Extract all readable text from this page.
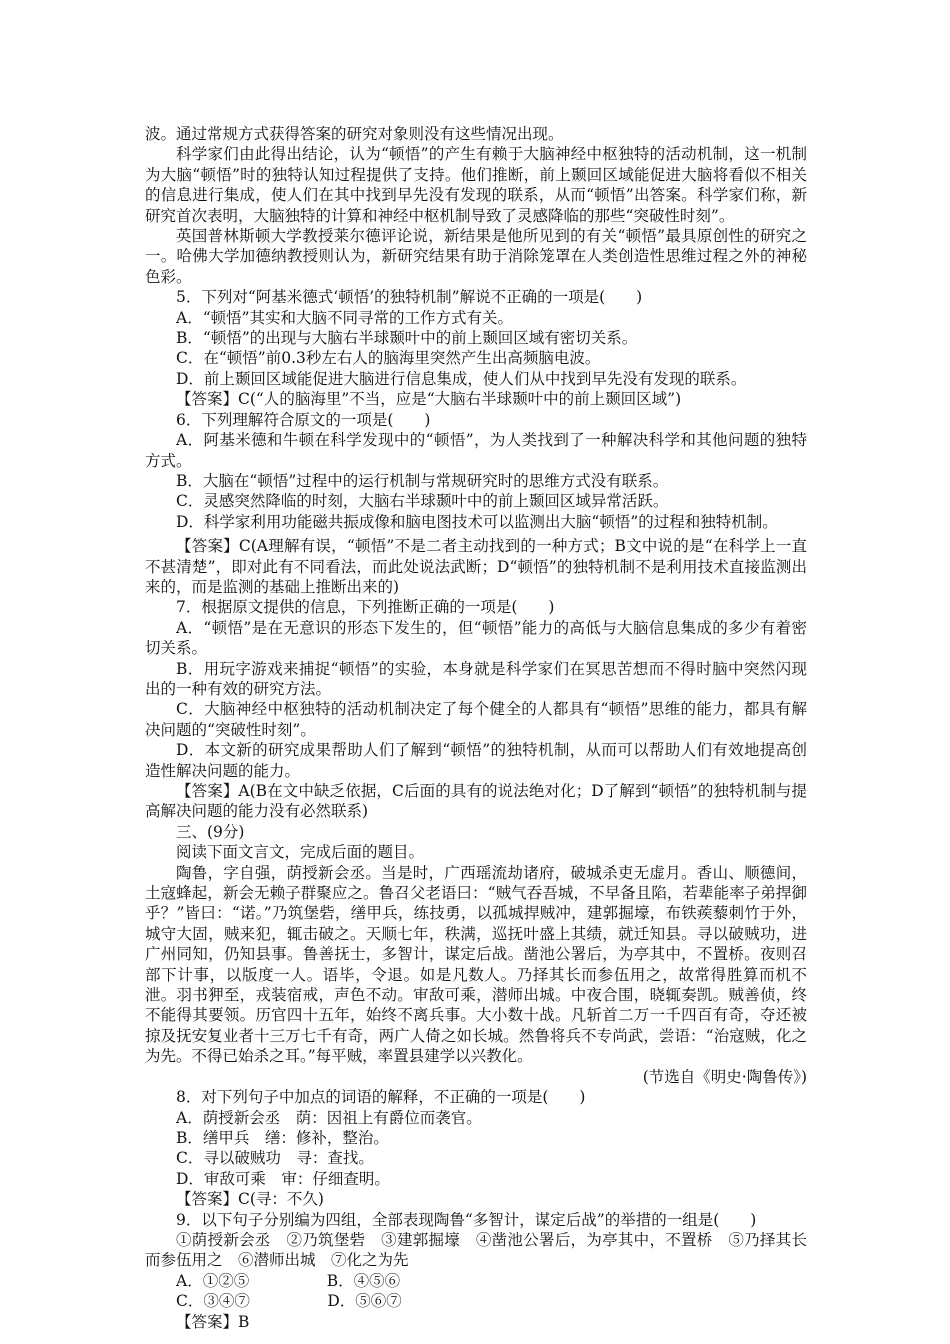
波。通过常规方式获得答案的研究对象则没有这些情况出现。

科学家们由此得出结论，认为“顿悟”的产生有赖于大脑神经中枢独特的活动机制，这一机制为大脑“顿悟”时的独特认知过程提供了支持。他们推断，前上颞回区域能促进大脑将看似不相关的信息进行集成，使人们在其中找到早先没有发现的联系，从而“顿悟”出答案。科学家们称，新研究首次表明，大脑独特的计算和神经中枢机制导致了灵感降临的那些“突破性时刻”。

英国普林斯顿大学教授莱尔德评论说，新结果是他所见到的有关“顿悟”最具原创性的研究之一。哈佛大学加德纳教授则认为，新研究结果有助于消除笼罩在人类创造性思维过程之外的神秘色彩。

5．下列对“阿基米德式‘顿悟’的独特机制”解说不正确的一项是(　　)

A．“顿悟”其实和大脑不同寻常的工作方式有关。

B．“顿悟”的出现与大脑右半球颞叶中的前上颞回区域有密切关系。

C．在“顿悟”前0.3秒左右人的脑海里突然产生出高频脑电波。

D．前上颞回区域能促进大脑进行信息集成，使人们从中找到早先没有发现的联系。

【答案】C(“人的脑海里”不当，应是“大脑右半球颞叶中的前上颞回区域”)

6．下列理解符合原文的一项是(　　)

A．阿基米德和牛顿在科学发现中的“顿悟”，为人类找到了一种解决科学和其他问题的独特方式。

B．大脑在“顿悟”过程中的运行机制与常规研究时的思维方式没有联系。

C．灵感突然降临的时刻，大脑右半球颞叶中的前上颞回区域异常活跃。

D．科学家利用功能磁共振成像和脑电图技术可以监测出大脑“顿悟”的过程和独特机制。

【答案】C(A理解有误，“顿悟”不是二者主动找到的一种方式；B文中说的是“在科学上一直不甚清楚”，即对此有不同看法，而此处说法武断；D“顿悟”的独特机制不是利用技术直接监测出来的，而是监测的基础上推断出来的)

7．根据原文提供的信息，下列推断正确的一项是(　　)

A．“顿悟”是在无意识的形态下发生的，但“顿悟”能力的高低与大脑信息集成的多少有着密切关系。

B．用玩字游戏来捕捉“顿悟”的实验，本身就是科学家们在冥思苦想而不得时脑中突然闪现出的一种有效的研究方法。

C．大脑神经中枢独特的活动机制决定了每个健全的人都具有“顿悟”思维的能力，都具有解决问题的“突破性时刻”。

D．本文新的研究成果帮助人们了解到“顿悟”的独特机制，从而可以帮助人们有效地提高创造性解决问题的能力。

【答案】A(B在文中缺乏依据，C后面的具有的说法绝对化；D了解到“顿悟”的独特机制与提高解决问题的能力没有必然联系)

三、(9分)

阅读下面文言文，完成后面的题目。

陶鲁，字自强，荫授新会丞。当是时，广西瑶流劫诸府，破城杀吏无虚月。香山、顺德间，土寇蜂起，新会无赖子群聚应之。鲁召父老语曰：“贼气吞吾城，不早备且陷，若辈能率子弟捍御乎？”皆曰：“诺。”乃筑堡砦，缮甲兵，练技勇，以孤城捍贼冲，建郭掘壕，布铁蒺藜刺竹于外，城守大固，贼来犯，辄击破之。天顺七年，秩满，巡抚叶盛上其绩，就迁知县。寻以破贼功，进广州同知，仍知县事。鲁善抚士，多智计，谋定后战。凿池公署后，为亭其中，不置桥。夜则召部下计事，以版度一人。语毕，令退。如是凡数人。乃择其长而参伍用之，故常得胜算而机不泄。羽书狎至，戎装宿戒，声色不动。审敌可乘，潜师出城。中夜合围，晓辄奏凯。贼善侦，终不能得其要领。历官四十五年，始终不离兵事。大小数十战。凡斩首二万一千四百有奇，夺还被掠及抚安复业者十三万七千有奇，两广人倚之如长城。然鲁将兵不专尚武，尝语：“治寇贼，化之为先。不得已始杀之耳。”每平贼，率置县建学以兴教化。

(节选自《明史·陶鲁传》)

8．对下列句子中加点的词语的解释，不正确的一项是(　　)

A．荫授新会丞　荫：因祖上有爵位而袭官。

B．缮甲兵　缮：修补，整治。

C．寻以破贼功　寻：查找。

D．审敌可乘　审：仔细查明。

【答案】C(寻：不久)

9．以下句子分别编为四组，全部表现陶鲁“多智计，谋定后战”的举措的一组是(　　)

①荫授新会丞　②乃筑堡砦　③建郭掘壕　④凿池公署后，为亭其中，不置桥　⑤乃择其长而参伍用之　⑥潜师出城　⑦化之为先

A．①②⑤　　　　　B．④⑤⑥

C．③④⑦　　　　　D．⑤⑥⑦

【答案】B
